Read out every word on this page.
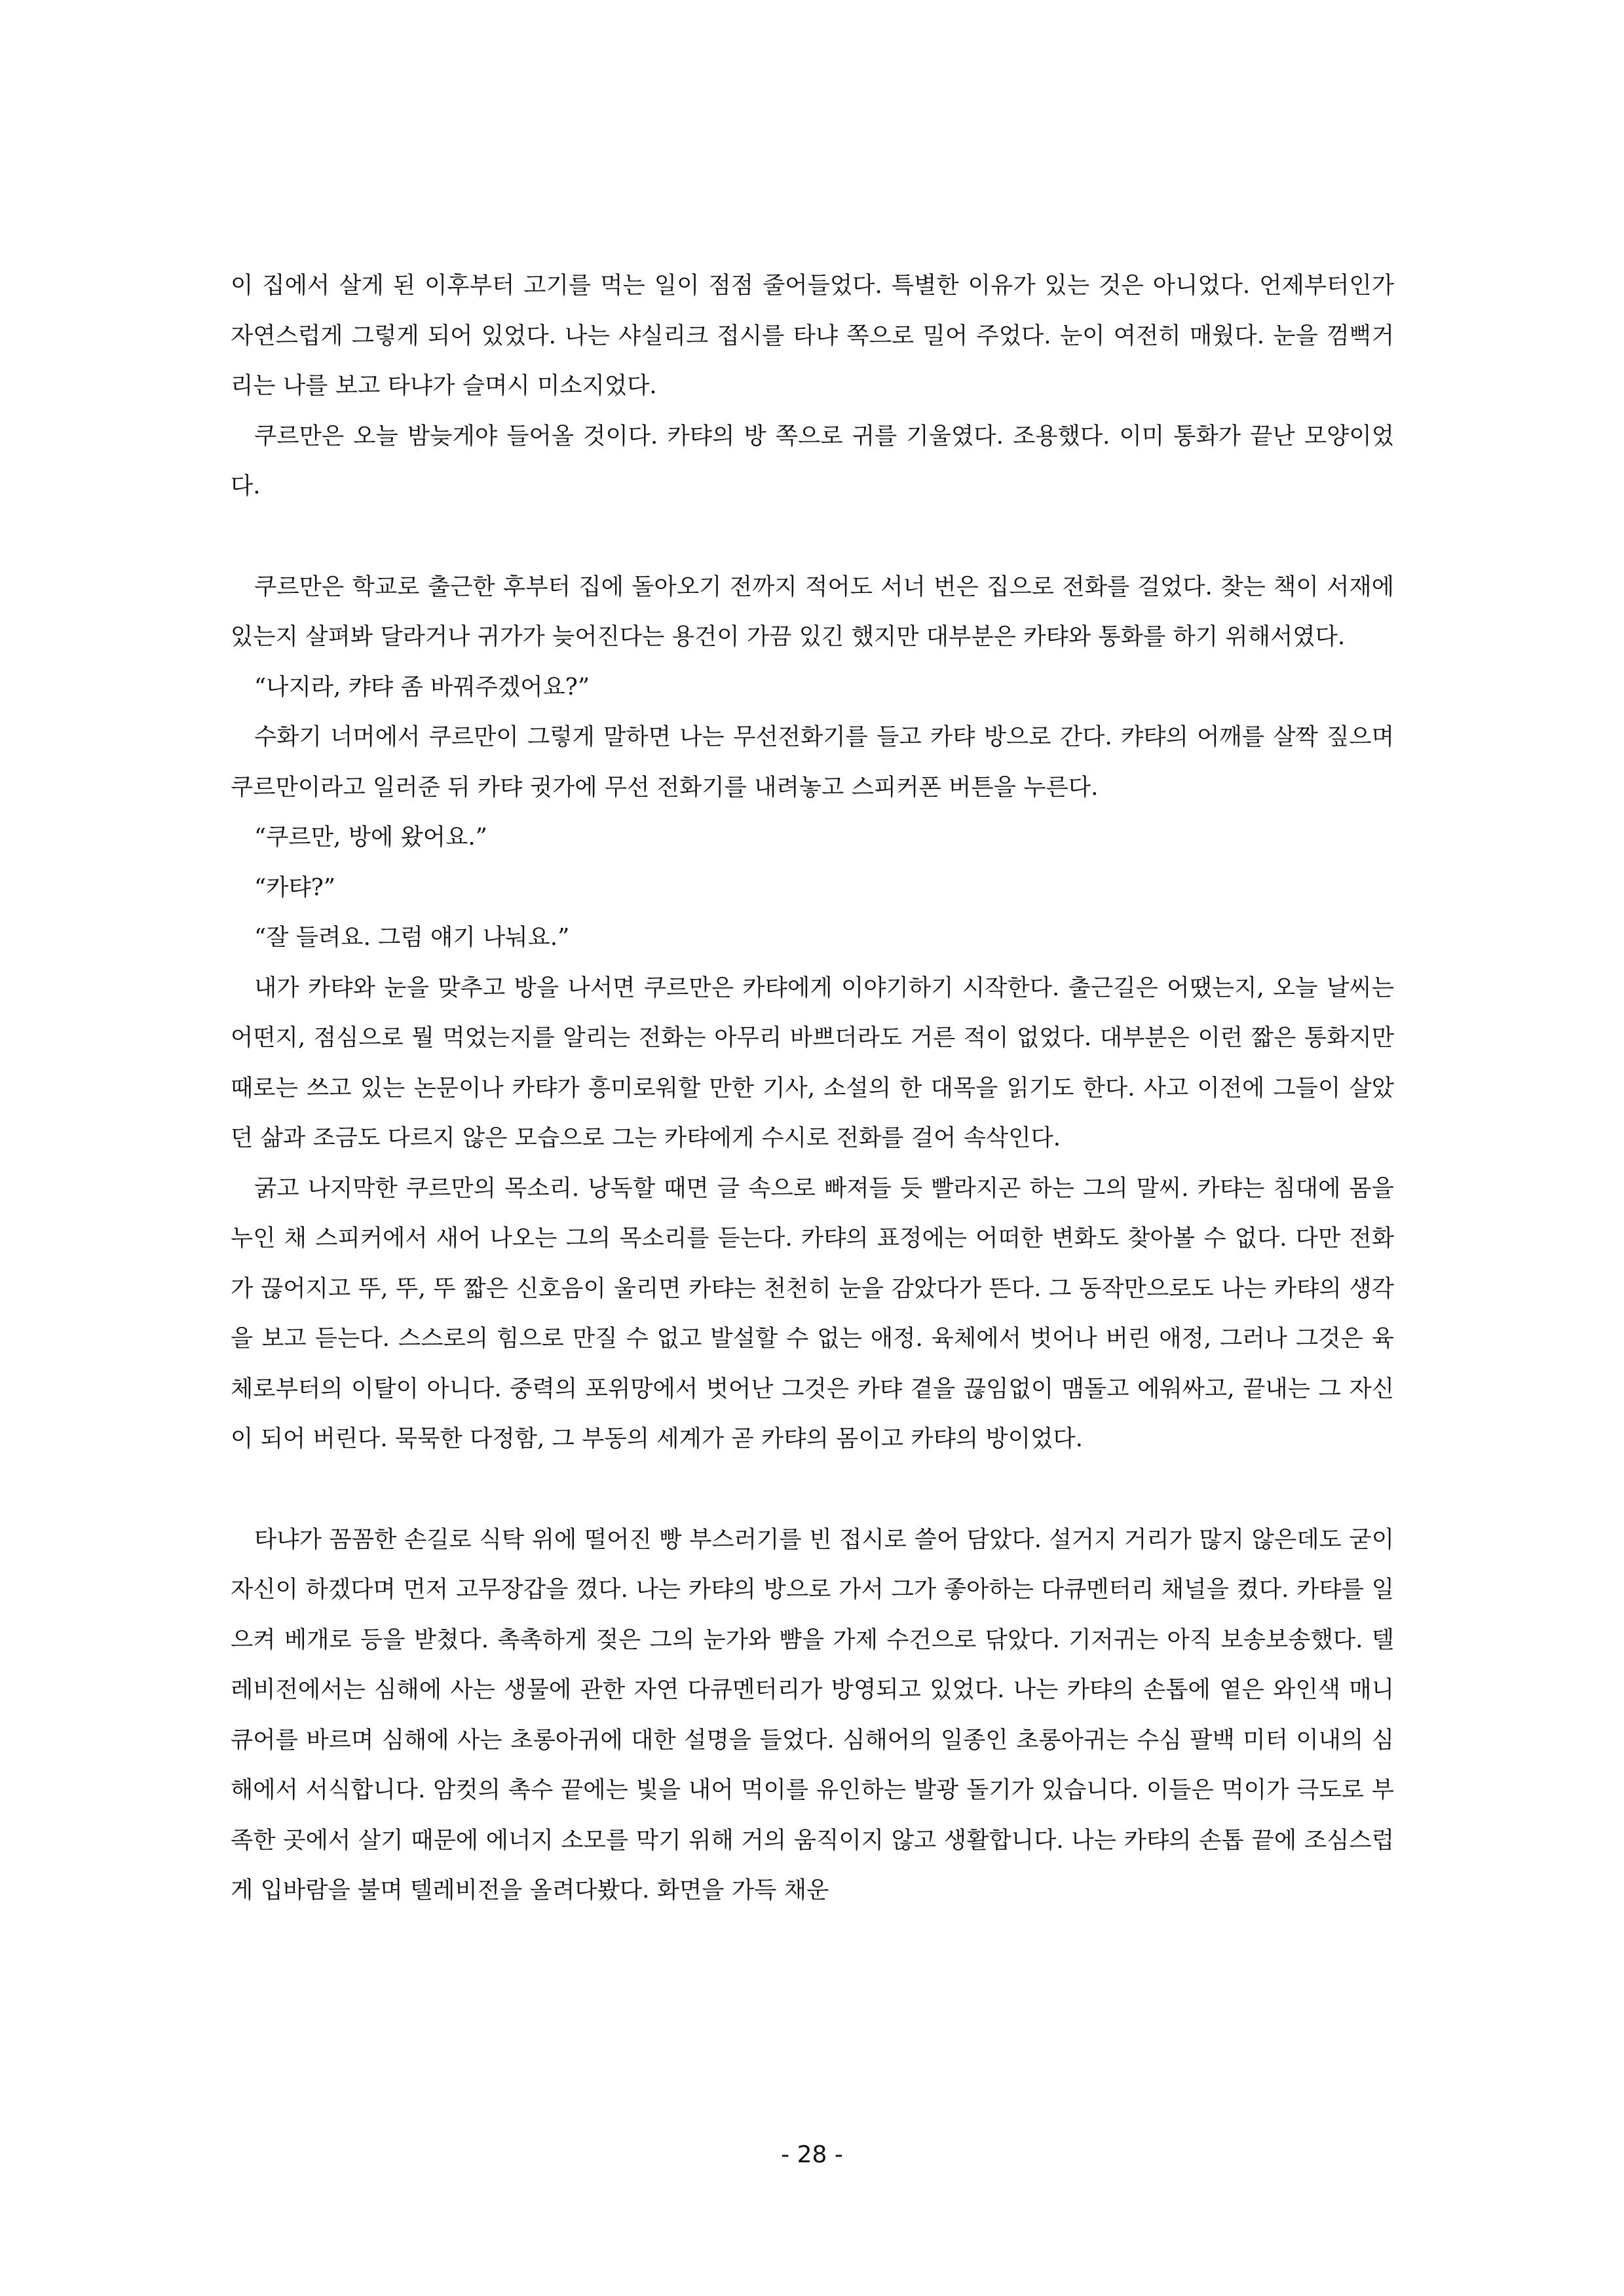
이 집에서 살게 된 이후부터 고기를 먹는 일이 점점 줄어들었다. 특별한 이유가 있는 것은 아니었다. 언제부터인가 자연스럽게 그렇게 되어 있었다. 나는 샤실리크 접시를 타냐 쪽으로 밀어 주었다. 눈이 여전히 매웠다. 눈을 껌뻑거리는 나를 보고 타냐가 슬며시 미소지었다.

쿠르만은 오늘 밤늦게야 들어올 것이다. 카탸의 방 쪽으로 귀를 기울였다. 조용했다. 이미 통화가 끝난 모양이었다.

쿠르만은 학교로 출근한 후부터 집에 돌아오기 전까지 적어도 서너 번은 집으로 전화를 걸었다. 찾는 책이 서재에 있는지 살펴봐 달라거나 귀가가 늦어진다는 용건이 가끔 있긴 했지만 대부분은 카탸와 통화를 하기 위해서였다.

“나지라, 캬탸 좀 바꿔주겠어요?”

수화기 너머에서 쿠르만이 그렇게 말하면 나는 무선전화기를 들고 카탸 방으로 간다. 캬탸의 어깨를 살짝 짚으며 쿠르만이라고 일러준 뒤 카탸 귓가에 무선 전화기를 내려놓고 스피커폰 버튼을 누른다.

“쿠르만, 방에 왔어요.”

“카탸?”

“잘 들려요. 그럼 얘기 나눠요.”

내가 카탸와 눈을 맞추고 방을 나서면 쿠르만은 카탸에게 이야기하기 시작한다. 출근길은 어땠는지, 오늘 날씨는 어떤지, 점심으로 뭘 먹었는지를 알리는 전화는 아무리 바쁘더라도 거른 적이 없었다. 대부분은 이런 짧은 통화지만 때로는 쓰고 있는 논문이나 카탸가 흥미로워할 만한 기사, 소설의 한 대목을 읽기도 한다. 사고 이전에 그들이 살았던 삶과 조금도 다르지 않은 모습으로 그는 카탸에게 수시로 전화를 걸어 속삭인다.

굵고 나지막한 쿠르만의 목소리. 낭독할 때면 글 속으로 빠져들 듯 빨라지곤 하는 그의 말씨. 카탸는 침대에 몸을 누인 채 스피커에서 새어 나오는 그의 목소리를 듣는다. 카탸의 표정에는 어떠한 변화도 찾아볼 수 없다. 다만 전화가 끊어지고 뚜, 뚜, 뚜 짧은 신호음이 울리면 카탸는 천천히 눈을 감았다가 뜬다. 그 동작만으로도 나는 카탸의 생각을 보고 듣는다. 스스로의 힘으로 만질 수 없고 발설할 수 없는 애정. 육체에서 벗어나 버린 애정, 그러나 그것은 육체로부터의 이탈이 아니다. 중력의 포위망에서 벗어난 그것은 카탸 곁을 끊임없이 맴돌고 에워싸고, 끝내는 그 자신이 되어 버린다. 묵묵한 다정함, 그 부동의 세계가 곧 카탸의 몸이고 카탸의 방이었다.

타냐가 꼼꼼한 손길로 식탁 위에 떨어진 빵 부스러기를 빈 접시로 쓸어 담았다. 설거지 거리가 많지 않은데도 굳이 자신이 하겠다며 먼저 고무장갑을 꼈다. 나는 카탸의 방으로 가서 그가 좋아하는 다큐멘터리 채널을 켰다. 카탸를 일으켜 베개로 등을 받쳤다. 촉촉하게 젖은 그의 눈가와 뺨을 가제 수건으로 닦았다. 기저귀는 아직 보송보송했다. 텔레비전에서는 심해에 사는 생물에 관한 자연 다큐멘터리가 방영되고 있었다. 나는 카탸의 손톱에 옅은 와인색 매니큐어를 바르며 심해에 사는 초롱아귀에 대한 설명을 들었다. 심해어의 일종인 초롱아귀는 수심 팔백 미터 이내의 심해에서 서식합니다. 암컷의 촉수 끝에는 빛을 내어 먹이를 유인하는 발광 돌기가 있습니다. 이들은 먹이가 극도로 부족한 곳에서 살기 때문에 에너지 소모를 막기 위해 거의 움직이지 않고 생활합니다. 나는 카탸의 손톱 끝에 조심스럽게 입바람을 불며 텔레비전을 올려다봤다. 화면을 가득 채운

- 28 -
